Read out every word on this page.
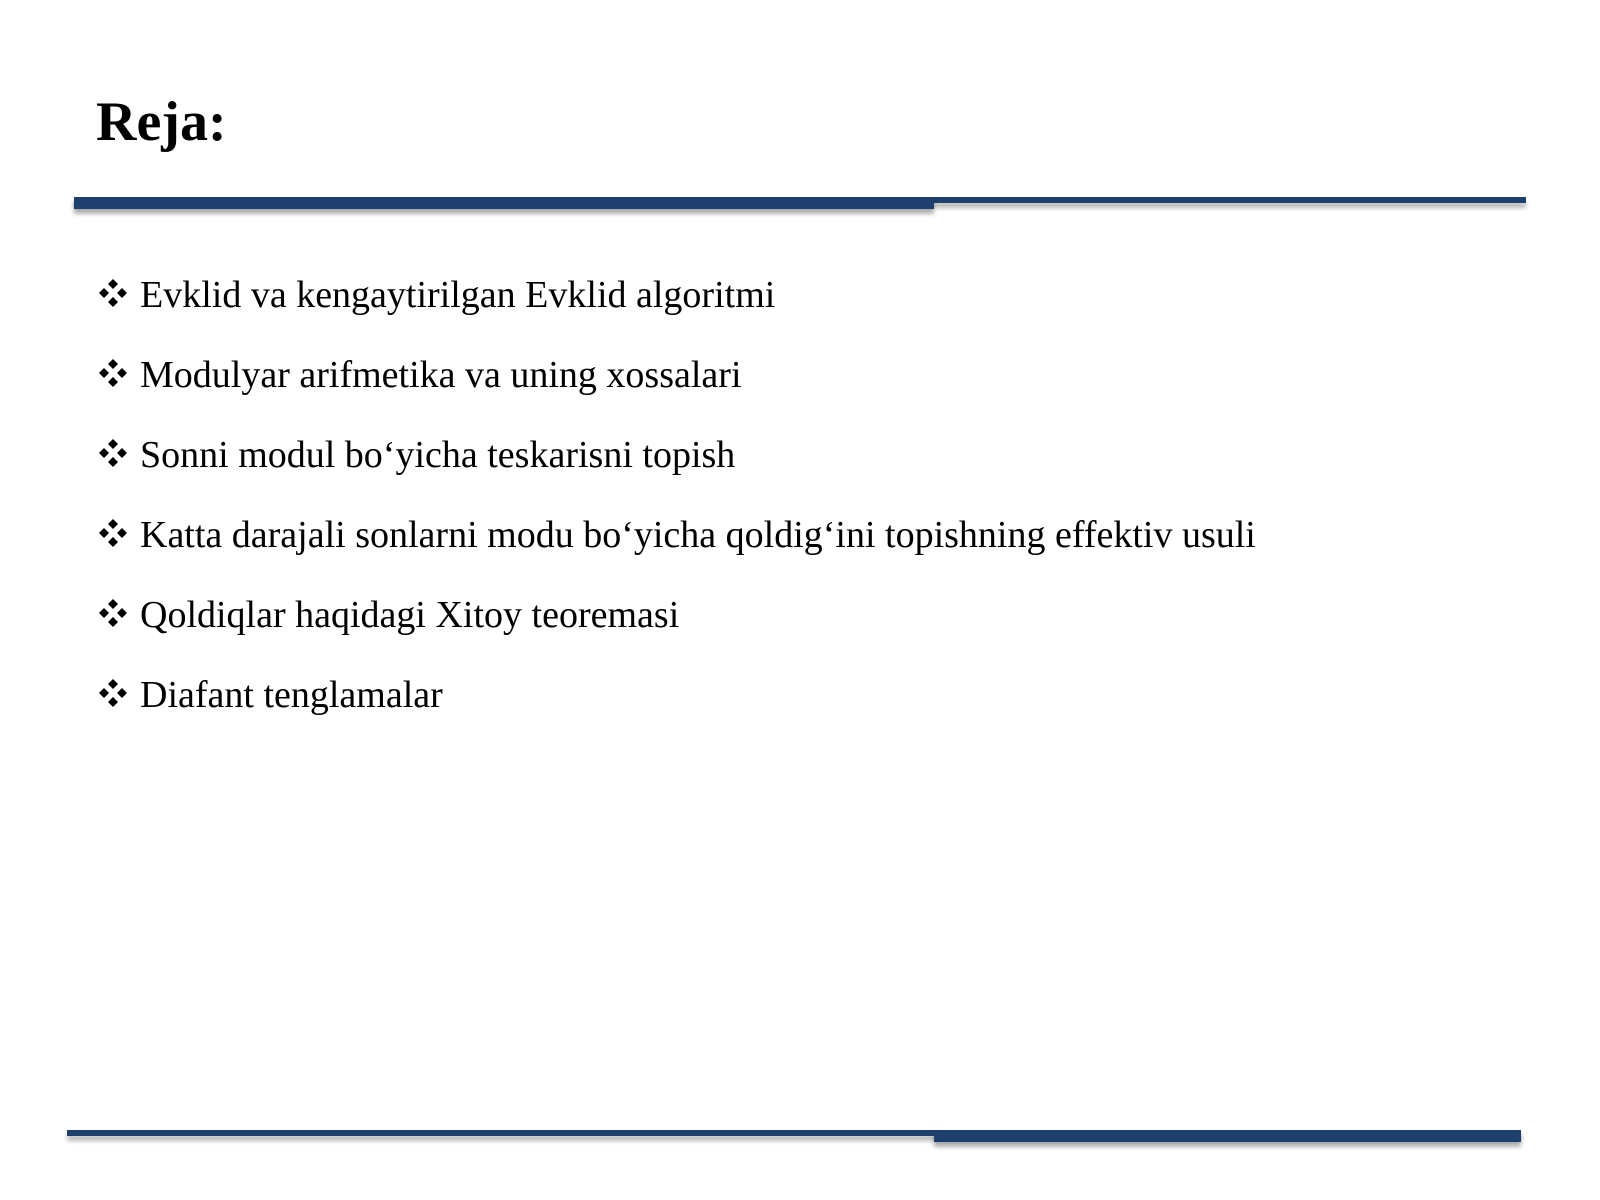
Reja:
Evklid va kengaytirilgan Evklid algoritmi
Modulyar arifmetika va uning xossalari
Sonni modul bo‘yicha teskarisni topish
Katta darajali sonlarni modu bo‘yicha qoldig‘ini topishning effektiv usuli
Qoldiqlar haqidagi Xitoy teoremasi
Diafant tenglamalar
